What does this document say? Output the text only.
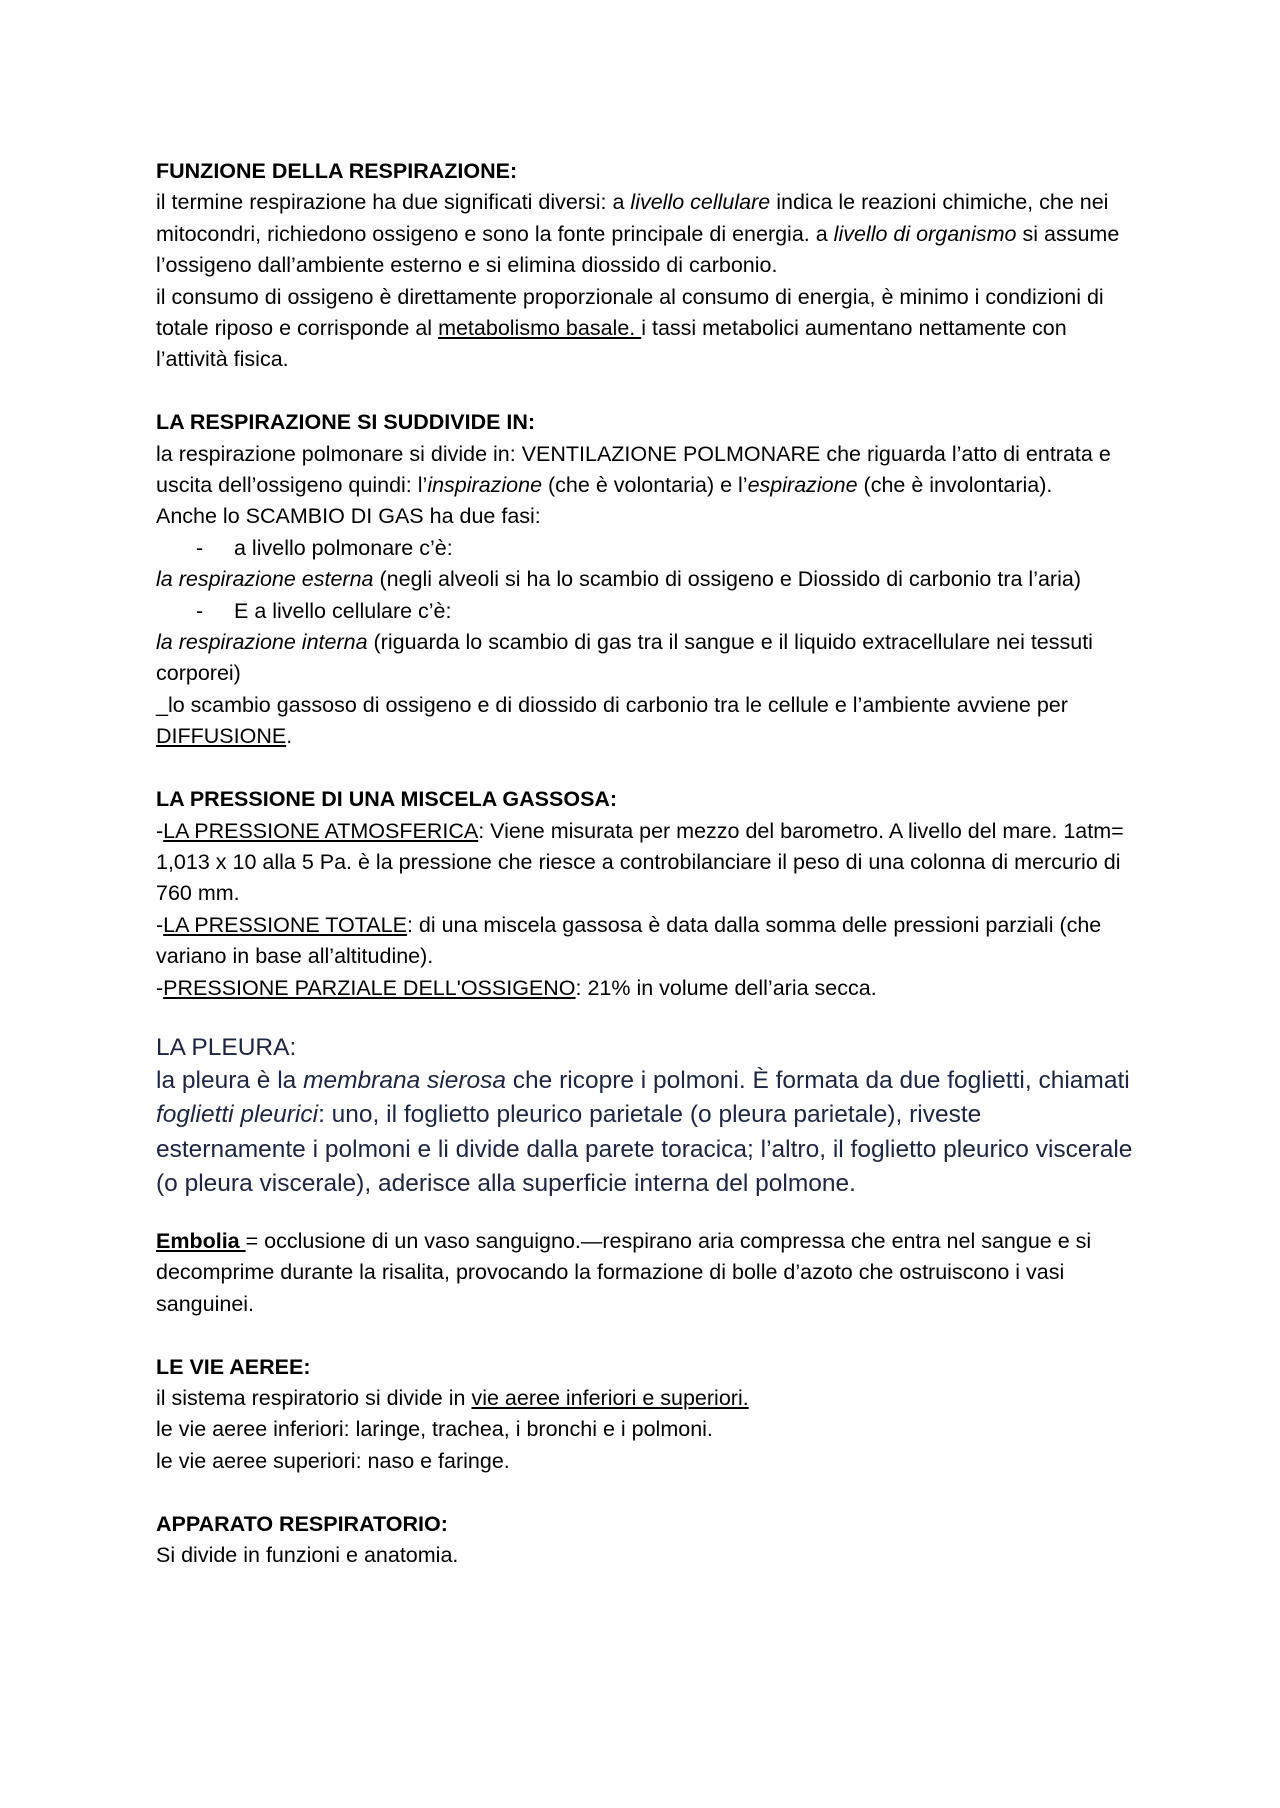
FUNZIONE DELLA RESPIRAZIONE:

il termine respirazione ha due significati diversi: a livello cellulare indica le reazioni chimiche, che nei mitocondri, richiedono ossigeno e sono la fonte principale di energia. a livello di organismo si assume l’ossigeno dall’ambiente esterno e si elimina diossido di carbonio.

il consumo di ossigeno è direttamente proporzionale al consumo di energia, è minimo i condizioni di totale riposo e corrisponde al metabolismo basale. i tassi metabolici aumentano nettamente con l’attività fisica.

LA RESPIRAZIONE SI SUDDIVIDE IN:

la respirazione polmonare si divide in: VENTILAZIONE POLMONARE che riguarda l’atto di entrata e uscita dell’ossigeno quindi: l’inspirazione (che è volontaria) e l’espirazione (che è involontaria).

Anche lo SCAMBIO DI GAS ha due fasi:

-	a livello polmonare c’è:

la respirazione esterna (negli alveoli si ha lo scambio di ossigeno e Diossido di carbonio tra l’aria)

-	E a livello cellulare c’è:

la respirazione interna (riguarda lo scambio di gas tra il sangue e il liquido extracellulare nei tessuti corporei)

_lo scambio gassoso di ossigeno e di diossido di carbonio tra le cellule e l’ambiente avviene per DIFFUSIONE.

LA PRESSIONE DI UNA MISCELA GASSOSA:

-LA PRESSIONE ATMOSFERICA: Viene misurata per mezzo del barometro. A livello del mare. 1atm= 1,013 x 10 alla 5 Pa. è la pressione che riesce a controbilanciare il peso di una colonna di mercurio di 760 mm.

-LA PRESSIONE TOTALE: di una miscela gassosa è data dalla somma delle pressioni parziali (che variano in base all’altitudine).

-PRESSIONE PARZIALE DELL'OSSIGENO: 21% in volume dell’aria secca.

LA PLEURA:

la pleura è la membrana sierosa che ricopre i polmoni. È formata da due foglietti, chiamati foglietti pleurici: uno, il foglietto pleurico parietale (o pleura parietale), riveste esternamente i polmoni e li divide dalla parete toracica; l’altro, il foglietto pleurico viscerale (o pleura viscerale), aderisce alla superficie interna del polmone.

Embolia = occlusione di un vaso sanguigno.—respirano aria compressa che entra nel sangue e si decomprime durante la risalita, provocando la formazione di bolle d’azoto che ostruiscono i vasi sanguinei.

LE VIE AEREE:

il sistema respiratorio si divide in vie aeree inferiori e superiori.

le vie aeree inferiori: laringe, trachea, i bronchi e i polmoni.

le vie aeree superiori: naso e faringe.

APPARATO RESPIRATORIO:

Si divide in funzioni e anatomia.
